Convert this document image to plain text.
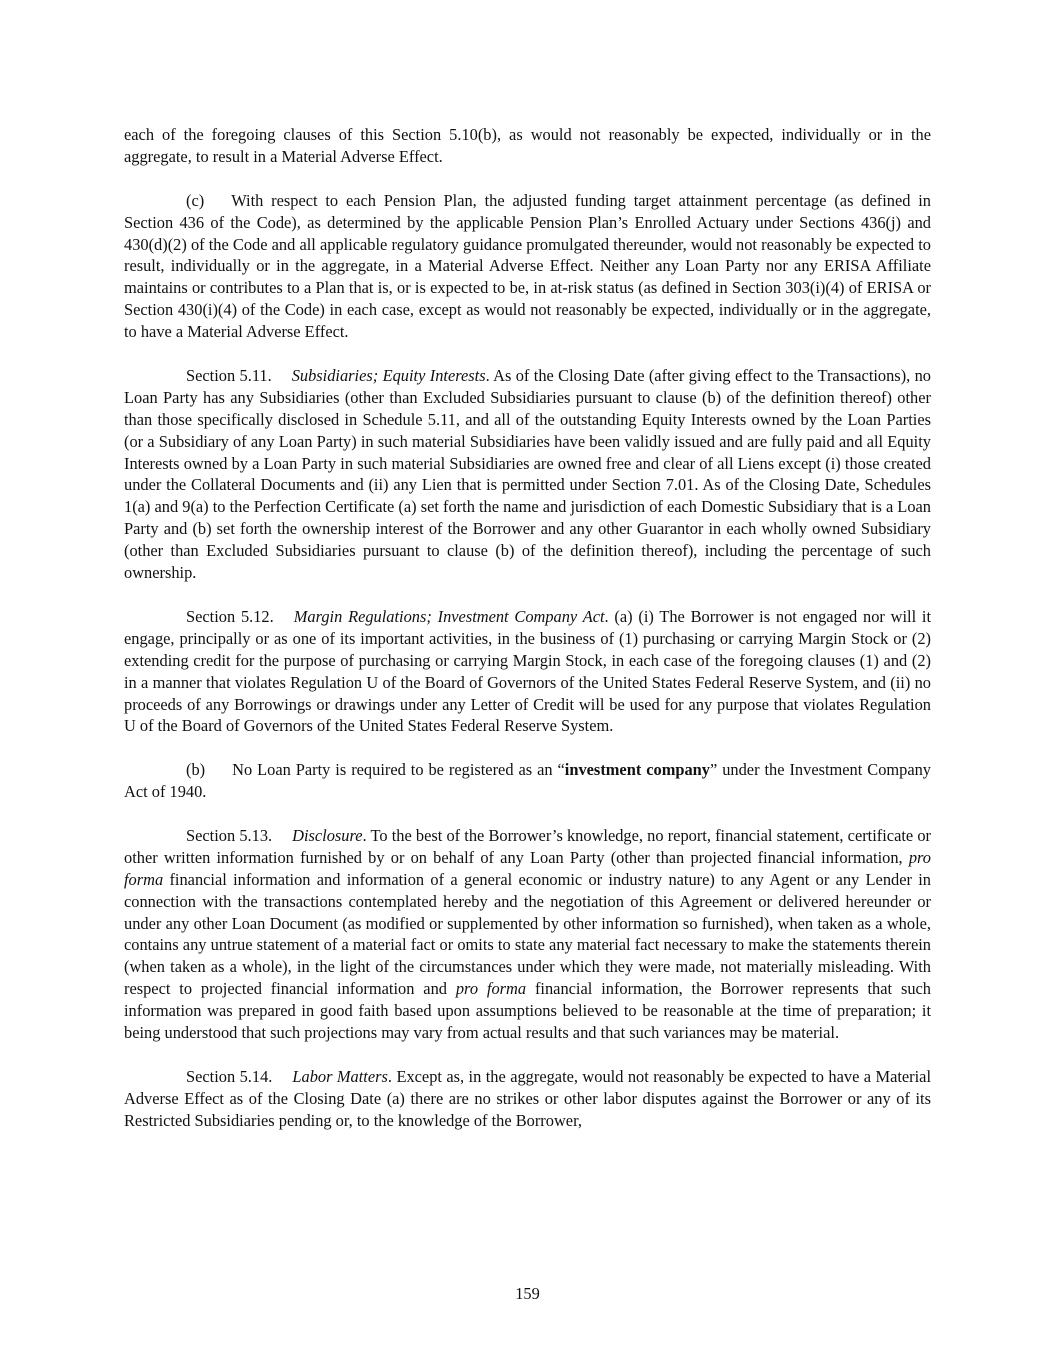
each of the foregoing clauses of this Section 5.10(b), as would not reasonably be expected, individually or in the aggregate, to result in a Material Adverse Effect.

(c) With respect to each Pension Plan, the adjusted funding target attainment percentage (as defined in Section 436 of the Code), as determined by the applicable Pension Plan’s Enrolled Actuary under Sections 436(j) and 430(d)(2) of the Code and all applicable regulatory guidance promulgated thereunder, would not reasonably be expected to result, individually or in the aggregate, in a Material Adverse Effect. Neither any Loan Party nor any ERISA Affiliate maintains or contributes to a Plan that is, or is expected to be, in at-risk status (as defined in Section 303(i)(4) of ERISA or Section 430(i)(4) of the Code) in each case, except as would not reasonably be expected, individually or in the aggregate, to have a Material Adverse Effect.

Section 5.11. Subsidiaries; Equity Interests. As of the Closing Date (after giving effect to the Transactions), no Loan Party has any Subsidiaries (other than Excluded Subsidiaries pursuant to clause (b) of the definition thereof) other than those specifically disclosed in Schedule 5.11, and all of the outstanding Equity Interests owned by the Loan Parties (or a Subsidiary of any Loan Party) in such material Subsidiaries have been validly issued and are fully paid and all Equity Interests owned by a Loan Party in such material Subsidiaries are owned free and clear of all Liens except (i) those created under the Collateral Documents and (ii) any Lien that is permitted under Section 7.01. As of the Closing Date, Schedules 1(a) and 9(a) to the Perfection Certificate (a) set forth the name and jurisdiction of each Domestic Subsidiary that is a Loan Party and (b) set forth the ownership interest of the Borrower and any other Guarantor in each wholly owned Subsidiary (other than Excluded Subsidiaries pursuant to clause (b) of the definition thereof), including the percentage of such ownership.

Section 5.12. Margin Regulations; Investment Company Act. (a) (i) The Borrower is not engaged nor will it engage, principally or as one of its important activities, in the business of (1) purchasing or carrying Margin Stock or (2) extending credit for the purpose of purchasing or carrying Margin Stock, in each case of the foregoing clauses (1) and (2) in a manner that violates Regulation U of the Board of Governors of the United States Federal Reserve System, and (ii) no proceeds of any Borrowings or drawings under any Letter of Credit will be used for any purpose that violates Regulation U of the Board of Governors of the United States Federal Reserve System.

(b) No Loan Party is required to be registered as an “investment company” under the Investment Company Act of 1940.

Section 5.13. Disclosure. To the best of the Borrower’s knowledge, no report, financial statement, certificate or other written information furnished by or on behalf of any Loan Party (other than projected financial information, pro forma financial information and information of a general economic or industry nature) to any Agent or any Lender in connection with the transactions contemplated hereby and the negotiation of this Agreement or delivered hereunder or under any other Loan Document (as modified or supplemented by other information so furnished), when taken as a whole, contains any untrue statement of a material fact or omits to state any material fact necessary to make the statements therein (when taken as a whole), in the light of the circumstances under which they were made, not materially misleading. With respect to projected financial information and pro forma financial information, the Borrower represents that such information was prepared in good faith based upon assumptions believed to be reasonable at the time of preparation; it being understood that such projections may vary from actual results and that such variances may be material.

Section 5.14. Labor Matters. Except as, in the aggregate, would not reasonably be expected to have a Material Adverse Effect as of the Closing Date (a) there are no strikes or other labor disputes against the Borrower or any of its Restricted Subsidiaries pending or, to the knowledge of the Borrower,

159
